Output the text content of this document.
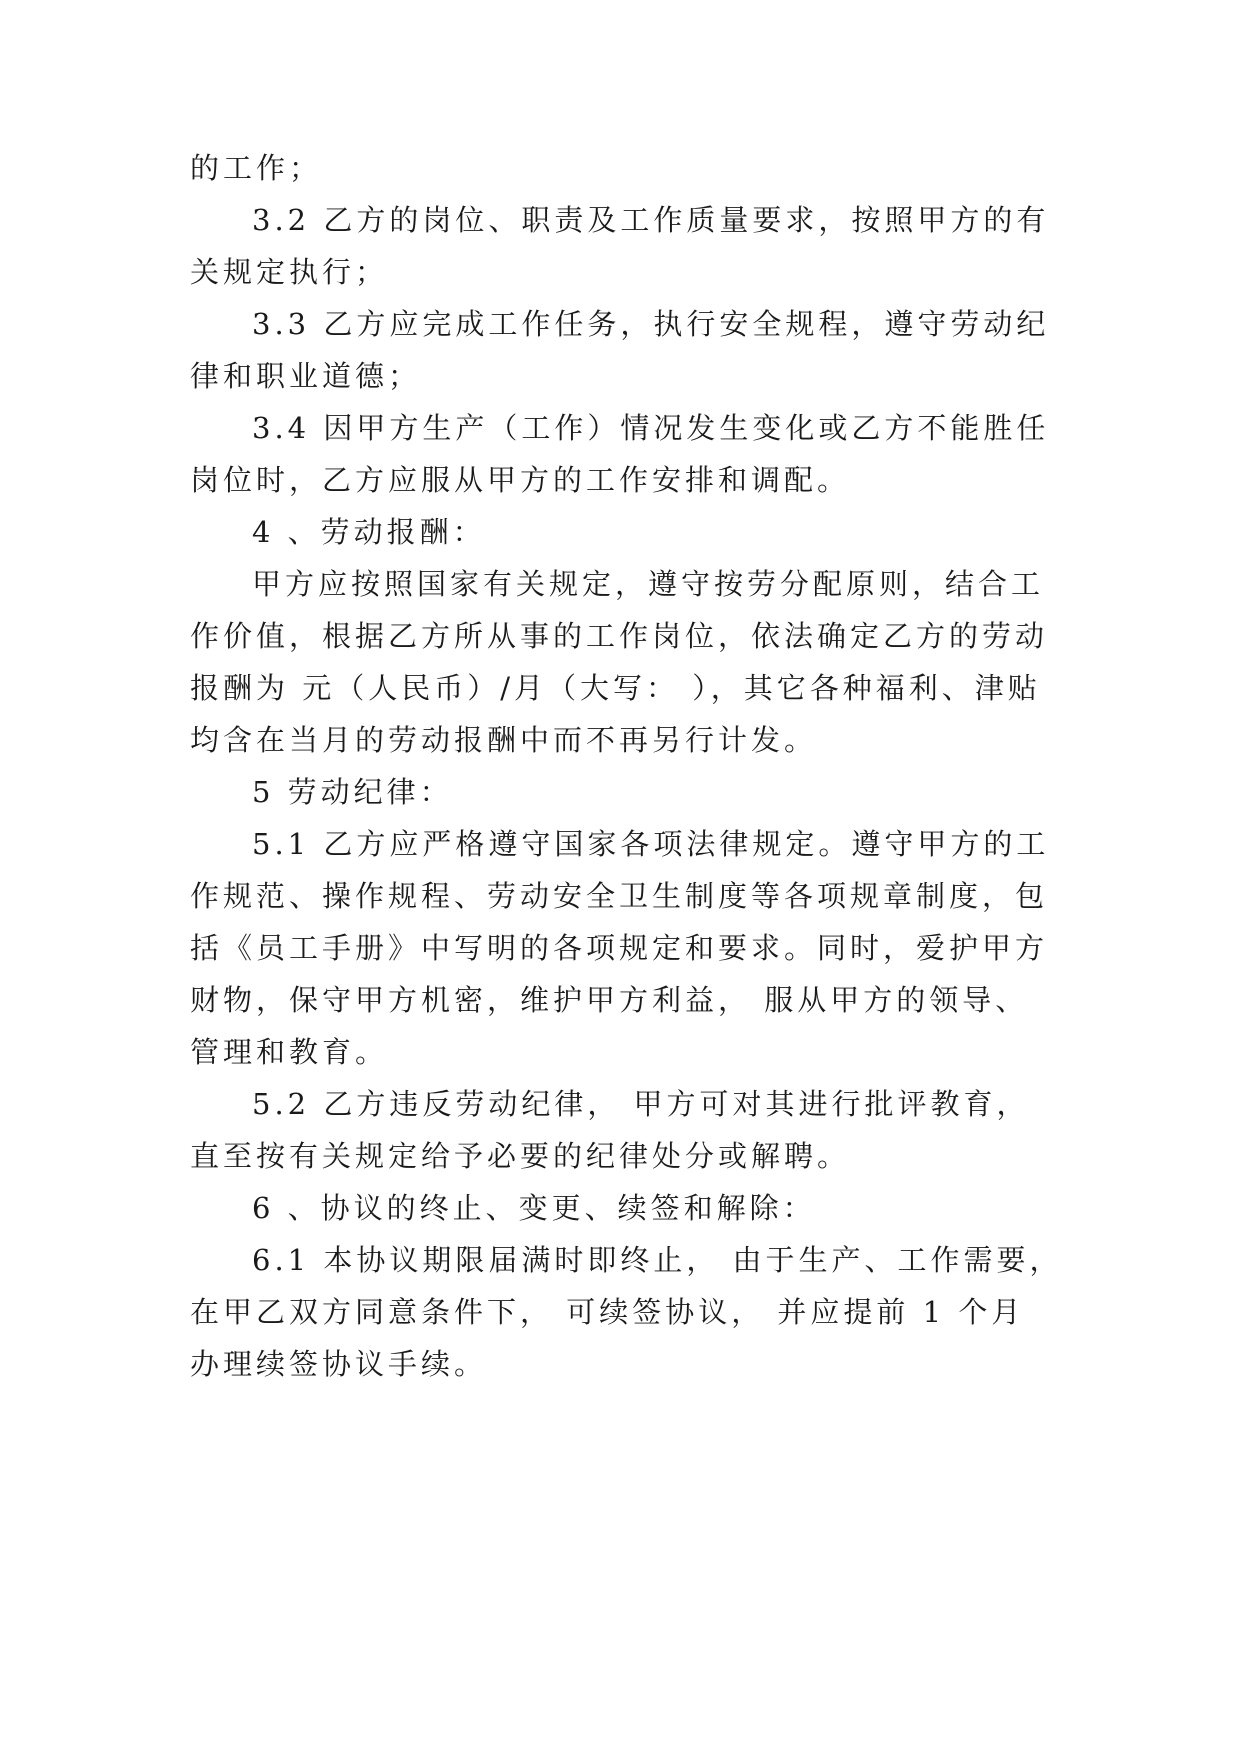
的工作；
3.2 乙方的岗位、职责及工作质量要求，按照甲方的有
关规定执行；
3.3 乙方应完成工作任务，执行安全规程，遵守劳动纪
律和职业道德；
3.4 因甲方生产（工作）情况发生变化或乙方不能胜任
岗位时，乙方应服从甲方的工作安排和调配。
4 、劳动报酬：
甲方应按照国家有关规定，遵守按劳分配原则，结合工
作价值，根据乙方所从事的工作岗位，依法确定乙方的劳动
报酬为 元（人民币）/月（大写： ），其它各种福利、津贴
均含在当月的劳动报酬中而不再另行计发。
5 劳动纪律：
5.1 乙方应严格遵守国家各项法律规定。遵守甲方的工
作规范、操作规程、劳动安全卫生制度等各项规章制度，包
括《员工手册》中写明的各项规定和要求。同时，爱护甲方
财物，保守甲方机密，维护甲方利益， 服从甲方的领导、
管理和教育。
5.2 乙方违反劳动纪律， 甲方可对其进行批评教育，
直至按有关规定给予必要的纪律处分或解聘。
6 、协议的终止、变更、续签和解除：
6.1 本协议期限届满时即终止， 由于生产、工作需要，
在甲乙双方同意条件下， 可续签协议， 并应提前 1 个月
办理续签协议手续。
